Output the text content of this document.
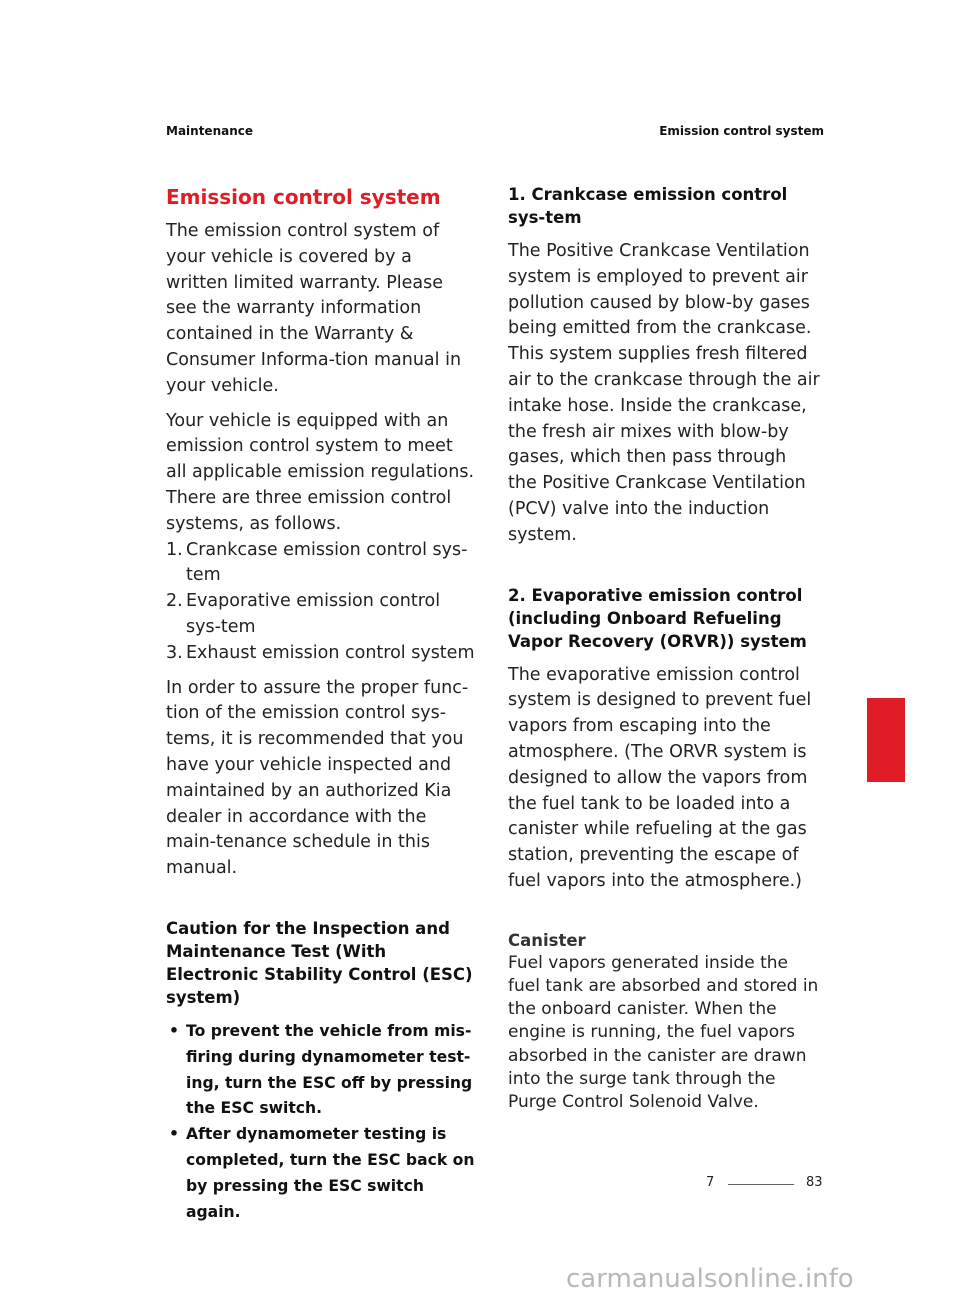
Maintenance	Emission control system
Emission control system

The emission control system of your vehicle is covered by a written limited warranty. Please see the warranty information contained in the Warranty & Consumer Informa-tion manual in your vehicle.

Your vehicle is equipped with an emission control system to meet all applicable emission regulations. There are three emission control systems, as follows.

1. Crankcase emission control sys-tem
2. Evaporative emission control sys-tem
3. Exhaust emission control system

In order to assure the proper func-tion of the emission control sys-tems, it is recommended that you have your vehicle inspected and maintained by an authorized Kia dealer in accordance with the main-tenance schedule in this manual.

Caution for the Inspection and Maintenance Test (With Electronic Stability Control (ESC) system)
• To prevent the vehicle from mis-firing during dynamometer test-ing, turn the ESC off by pressing the ESC switch.
• After dynamometer testing is completed, turn the ESC back on by pressing the ESC switch again.
1. Crankcase emission control sys-tem

The Positive Crankcase Ventilation system is employed to prevent air pollution caused by blow-by gases being emitted from the crankcase. This system supplies fresh filtered air to the crankcase through the air intake hose. Inside the crankcase, the fresh air mixes with blow-by gases, which then pass through the Positive Crankcase Ventilation (PCV) valve into the induction system.

2. Evaporative emission control (including Onboard Refueling Vapor Recovery (ORVR)) system

The evaporative emission control system is designed to prevent fuel vapors from escaping into the atmosphere. (The ORVR system is designed to allow the vapors from the fuel tank to be loaded into a canister while refueling at the gas station, preventing the escape of fuel vapors into the atmosphere.)

Canister

Fuel vapors generated inside the fuel tank are absorbed and stored in the onboard canister. When the engine is running, the fuel vapors absorbed in the canister are drawn into the surge tank through the Purge Control Solenoid Valve.

7
7	83
carmanualsonline.info
